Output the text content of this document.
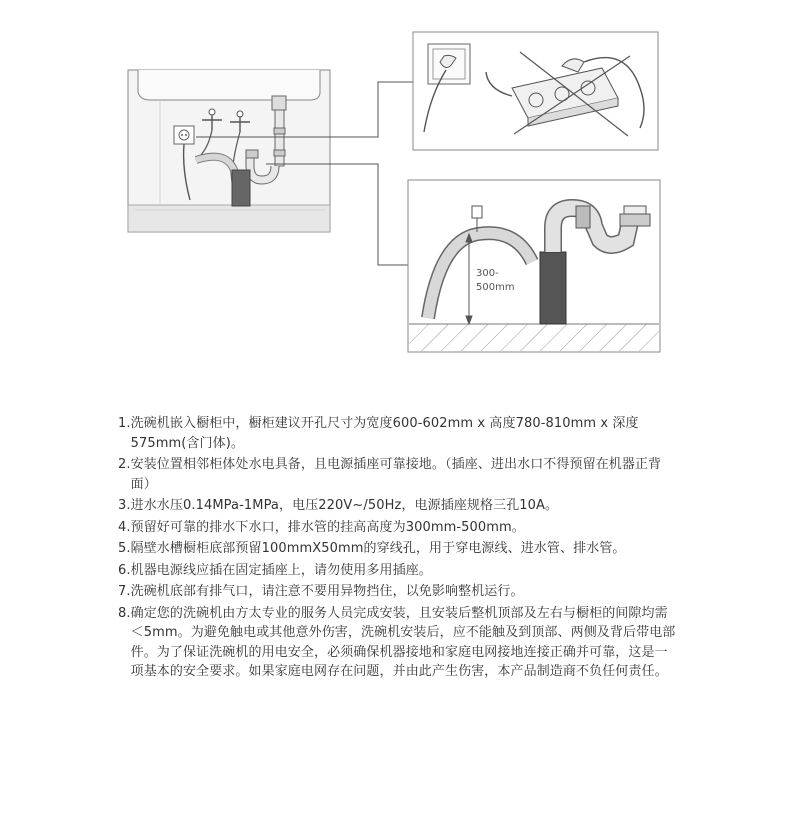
300-
500mm
1. 洗碗机嵌入橱柜中，橱柜建议开孔尺寸为宽度600-602mm x 高度780-810mm x 深度575mm(含门体)。
2. 安装位置相邻柜体处水电具备，且电源插座可靠接地。（插座、进出水口不得预留在机器正背面）
3. 进水水压0.14MPa-1MPa，电压220V~/50Hz，电源插座规格三孔10A。
4. 预留好可靠的排水下水口，排水管的挂高高度为300mm-500mm。
5. 隔壁水槽橱柜底部预留100mmX50mm的穿线孔，用于穿电源线、进水管、排水管。
6. 机器电源线应插在固定插座上，请勿使用多用插座。
7. 洗碗机底部有排气口，请注意不要用异物挡住，以免影响整机运行。
8. 确定您的洗碗机由方太专业的服务人员完成安装，且安装后整机顶部及左右与橱柜的间隙均需＜5mm。为避免触电或其他意外伤害，洗碗机安装后，应不能触及到顶部、两侧及背后带电部件。为了保证洗碗机的用电安全，必须确保机器接地和家庭电网接地连接正确并可靠，这是一项基本的安全要求。如果家庭电网存在问题，并由此产生伤害，本产品制造商不负任何责任。
